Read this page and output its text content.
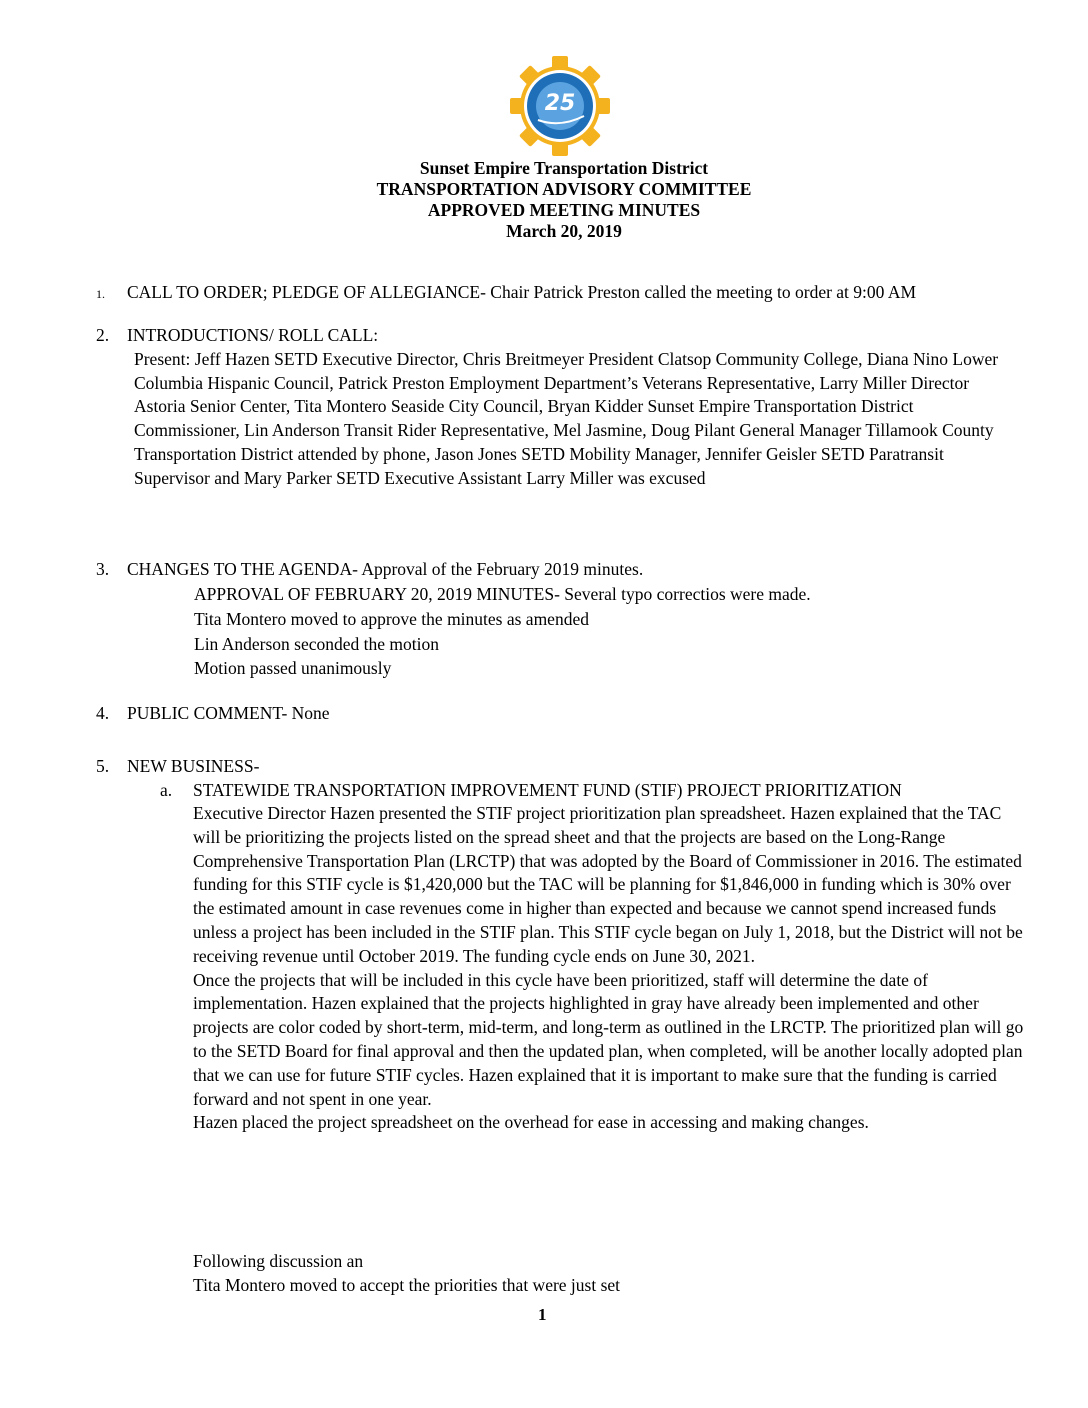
25
Sunset Empire Transportation District
TRANSPORTATION ADVISORY COMMITTEE
APPROVED MEETING MINUTES
March 20, 2019
1. CALL TO ORDER; PLEDGE OF ALLEGIANCE- Chair Patrick Preston called the meeting to order at 9:00 AM
2. INTRODUCTIONS/ ROLL CALL:
Present: Jeff Hazen SETD Executive Director, Chris Breitmeyer President Clatsop Community College, Diana Nino Lower Columbia Hispanic Council, Patrick Preston Employment Department’s Veterans Representative, Larry Miller Director Astoria Senior Center, Tita Montero Seaside City Council, Bryan Kidder Sunset Empire Transportation District Commissioner, Lin Anderson Transit Rider Representative, Mel Jasmine, Doug Pilant General Manager Tillamook County Transportation District attended by phone, Jason Jones SETD Mobility Manager, Jennifer Geisler SETD Paratransit Supervisor and Mary Parker SETD Executive Assistant Larry Miller was excused
3. CHANGES TO THE AGENDA- Approval of the February 2019 minutes.
APPROVAL OF FEBRUARY 20, 2019 MINUTES- Several typo correctios were made.
Tita Montero moved to approve the minutes as amended
Lin Anderson seconded the motion
Motion passed unanimously
4. PUBLIC COMMENT- None
5. NEW BUSINESS-
a. STATEWIDE TRANSPORTATION IMPROVEMENT FUND (STIF) PROJECT PRIORITIZATION

Executive Director Hazen presented the STIF project prioritization plan spreadsheet. Hazen explained that the TAC will be prioritizing the projects listed on the spread sheet and that the projects are based on the Long-Range Comprehensive Transportation Plan (LRCTP) that was adopted by the Board of Commissioner in 2016. The estimated funding for this STIF cycle is $1,420,000 but the TAC will be planning for $1,846,000 in funding which is 30% over the estimated amount in case revenues come in higher than expected and because we cannot spend increased funds unless a project has been included in the STIF plan. This STIF cycle began on July 1, 2018, but the District will not be receiving revenue until October 2019. The funding cycle ends on June 30, 2021.

Once the projects that will be included in this cycle have been prioritized, staff will determine the date of implementation. Hazen explained that the projects highlighted in gray have already been implemented and other projects are color coded by short-term, mid-term, and long-term as outlined in the LRCTP. The prioritized plan will go to the SETD Board for final approval and then the updated plan, when completed, will be another locally adopted plan that we can use for future STIF cycles. Hazen explained that it is important to make sure that the funding is carried forward and not spent in one year.

Hazen placed the project spreadsheet on the overhead for ease in accessing and making changes.

Following discussion an
Tita Montero moved to accept the priorities that were just set
1
